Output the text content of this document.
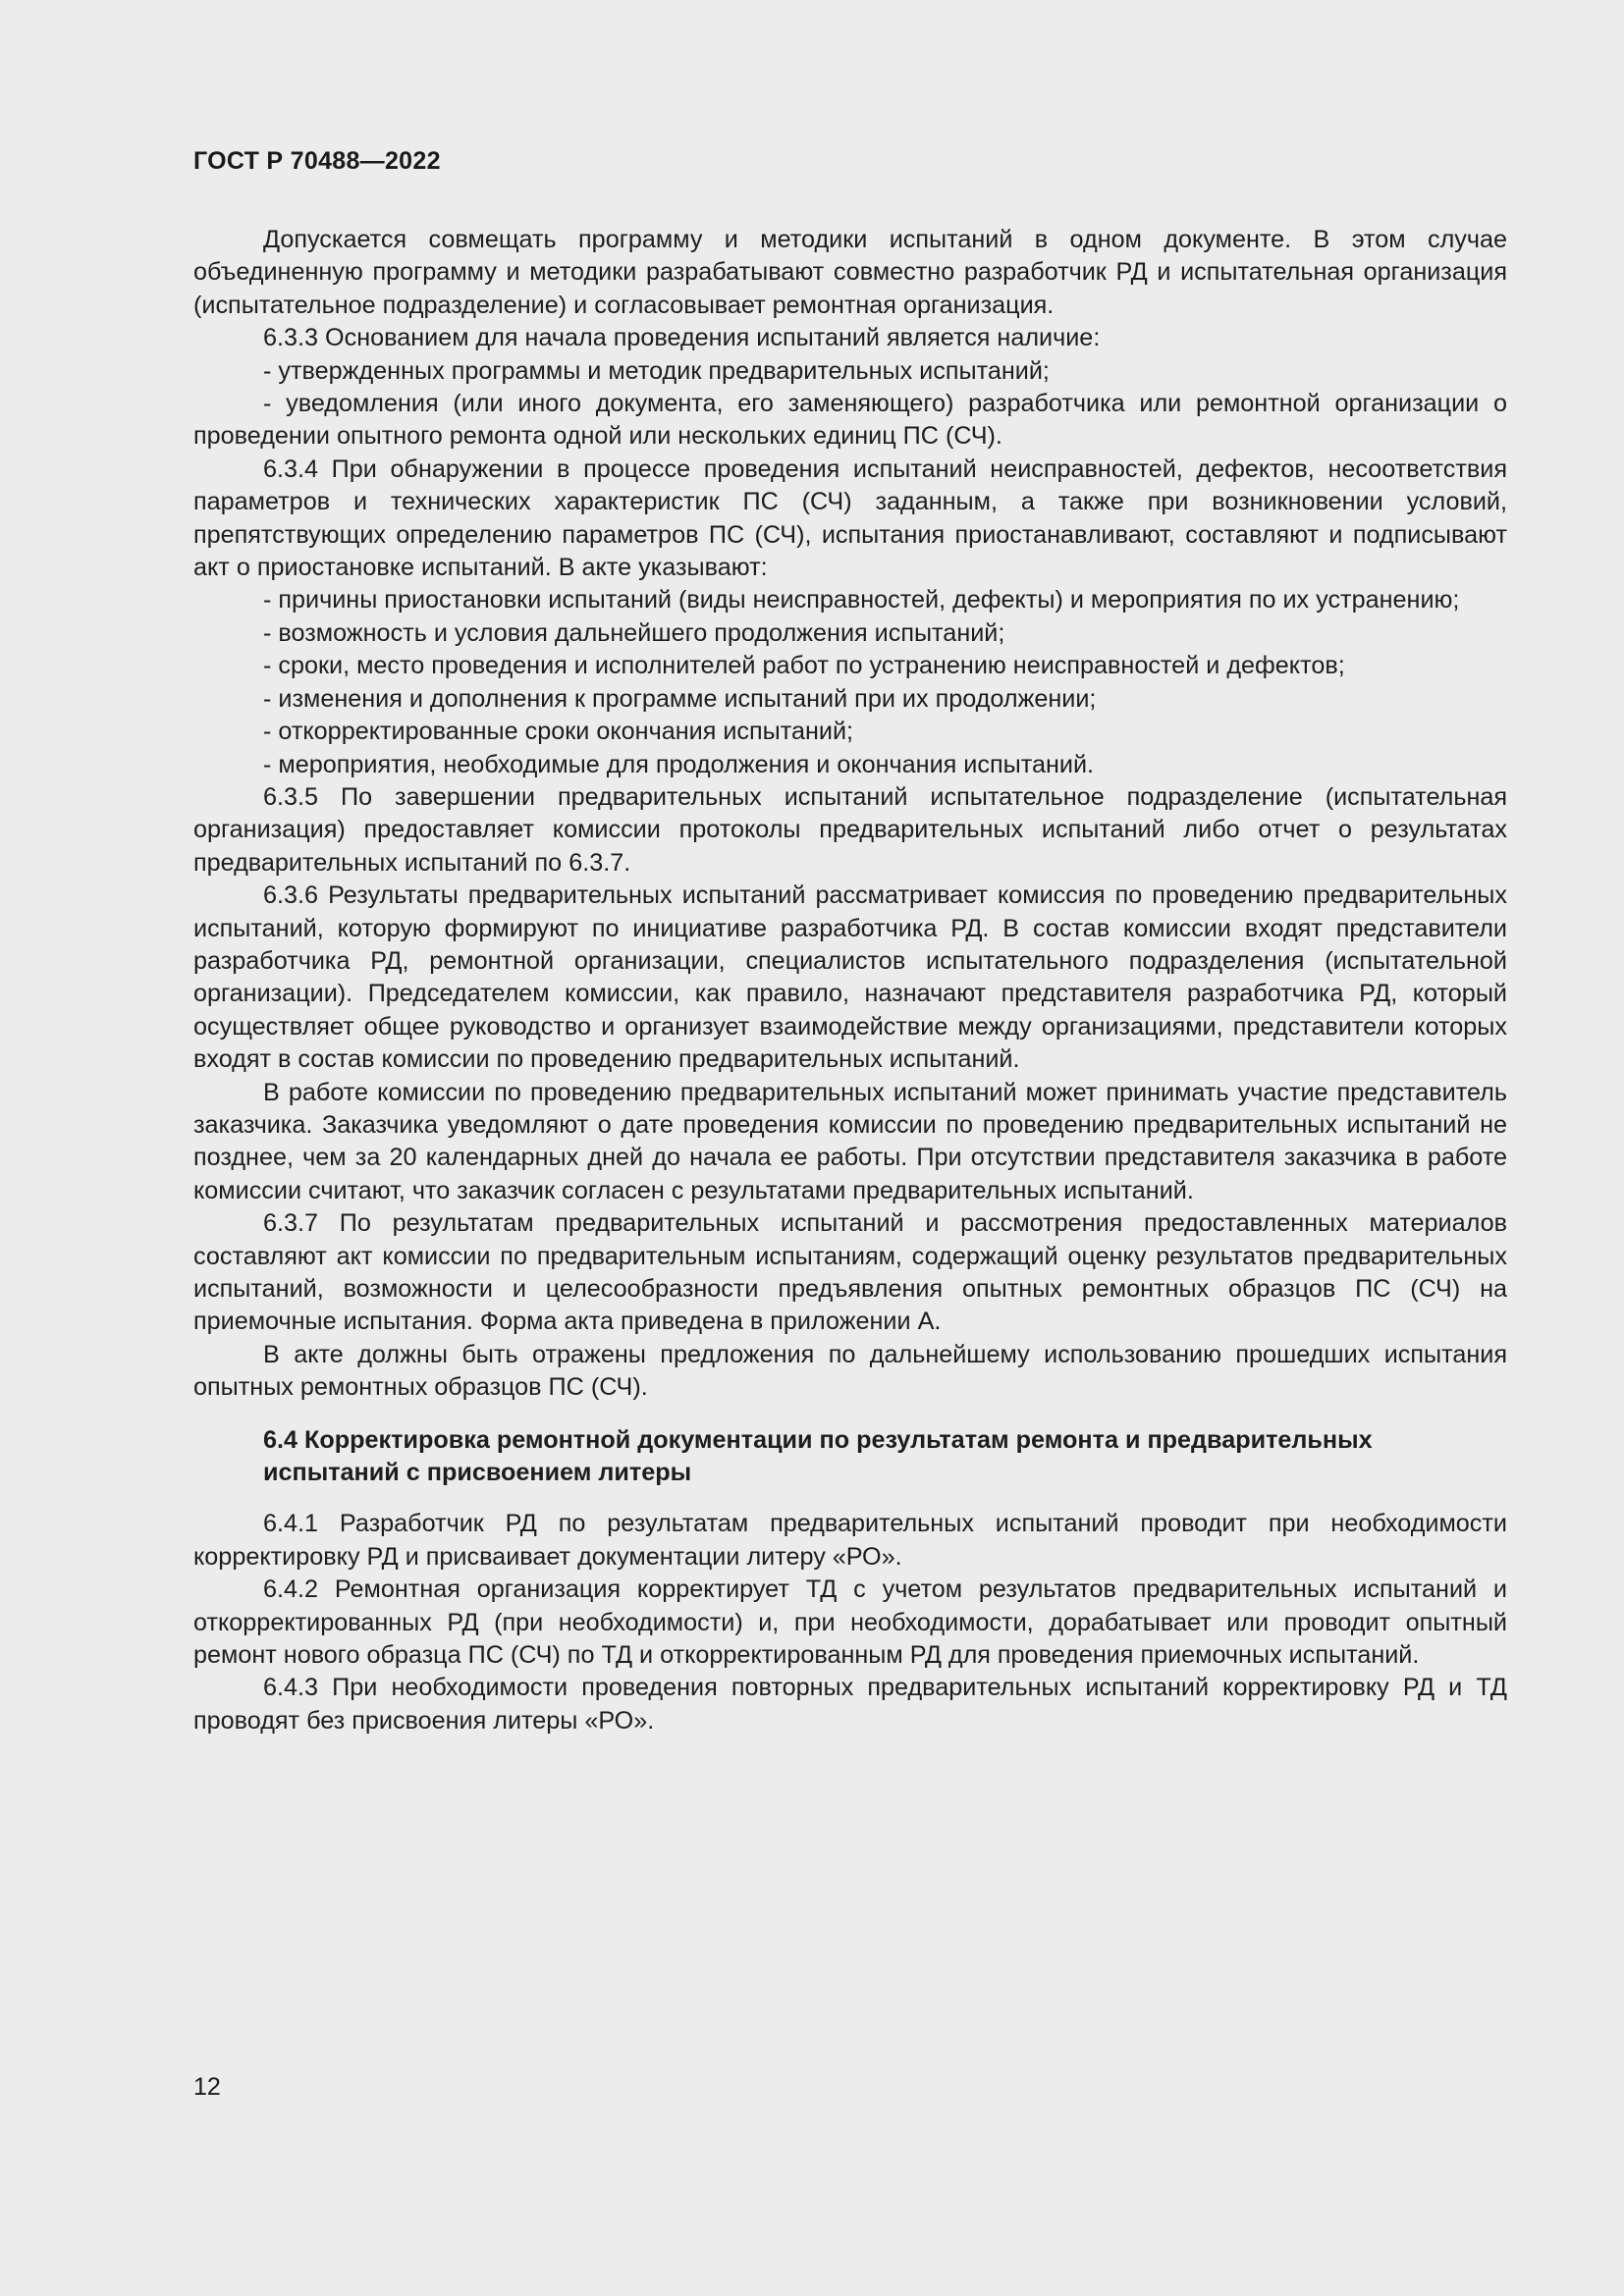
ГОСТ Р 70488—2022

Допускается совмещать программу и методики испытаний в одном документе. В этом случае объединенную программу и методики разрабатывают совместно разработчик РД и испытательная организация (испытательное подразделение) и согласовывает ремонтная организация.

6.3.3 Основанием для начала проведения испытаний является наличие:

- утвержденных программы и методик предварительных испытаний;

- уведомления (или иного документа, его заменяющего) разработчика или ремонтной организации о проведении опытного ремонта одной или нескольких единиц ПС (СЧ).

6.3.4 При обнаружении в процессе проведения испытаний неисправностей, дефектов, несоответствия параметров и технических характеристик ПС (СЧ) заданным, а также при возникновении условий, препятствующих определению параметров ПС (СЧ), испытания приостанавливают, составляют и подписывают акт о приостановке испытаний. В акте указывают:

- причины приостановки испытаний (виды неисправностей, дефекты) и мероприятия по их устранению;

- возможность и условия дальнейшего продолжения испытаний;

- сроки, место проведения и исполнителей работ по устранению неисправностей и дефектов;

- изменения и дополнения к программе испытаний при их продолжении;

- откорректированные сроки окончания испытаний;

- мероприятия, необходимые для продолжения и окончания испытаний.

6.3.5 По завершении предварительных испытаний испытательное подразделение (испытательная организация) предоставляет комиссии протоколы предварительных испытаний либо отчет о результатах предварительных испытаний по 6.3.7.

6.3.6 Результаты предварительных испытаний рассматривает комиссия по проведению предварительных испытаний, которую формируют по инициативе разработчика РД. В состав комиссии входят представители разработчика РД, ремонтной организации, специалистов испытательного подразделения (испытательной организации). Председателем комиссии, как правило, назначают представителя разработчика РД, который осуществляет общее руководство и организует взаимодействие между организациями, представители которых входят в состав комиссии по проведению предварительных испытаний.

В работе комиссии по проведению предварительных испытаний может принимать участие представитель заказчика. Заказчика уведомляют о дате проведения комиссии по проведению предварительных испытаний не позднее, чем за 20 календарных дней до начала ее работы. При отсутствии представителя заказчика в работе комиссии считают, что заказчик согласен с результатами предварительных испытаний.

6.3.7 По результатам предварительных испытаний и рассмотрения предоставленных материалов составляют акт комиссии по предварительным испытаниям, содержащий оценку результатов предварительных испытаний, возможности и целесообразности предъявления опытных ремонтных образцов ПС (СЧ) на приемочные испытания. Форма акта приведена в приложении А.

В акте должны быть отражены предложения по дальнейшему использованию прошедших испытания опытных ремонтных образцов ПС (СЧ).

6.4 Корректировка ремонтной документации по результатам ремонта и предварительных испытаний с присвоением литеры

6.4.1 Разработчик РД по результатам предварительных испытаний проводит при необходимости корректировку РД и присваивает документации литеру «РО».

6.4.2 Ремонтная организация корректирует ТД с учетом результатов предварительных испытаний и откорректированных РД (при необходимости) и, при необходимости, дорабатывает или проводит опытный ремонт нового образца ПС (СЧ) по ТД и откорректированным РД для проведения приемочных испытаний.

6.4.3 При необходимости проведения повторных предварительных испытаний корректировку РД и ТД проводят без присвоения литеры «РО».

12
